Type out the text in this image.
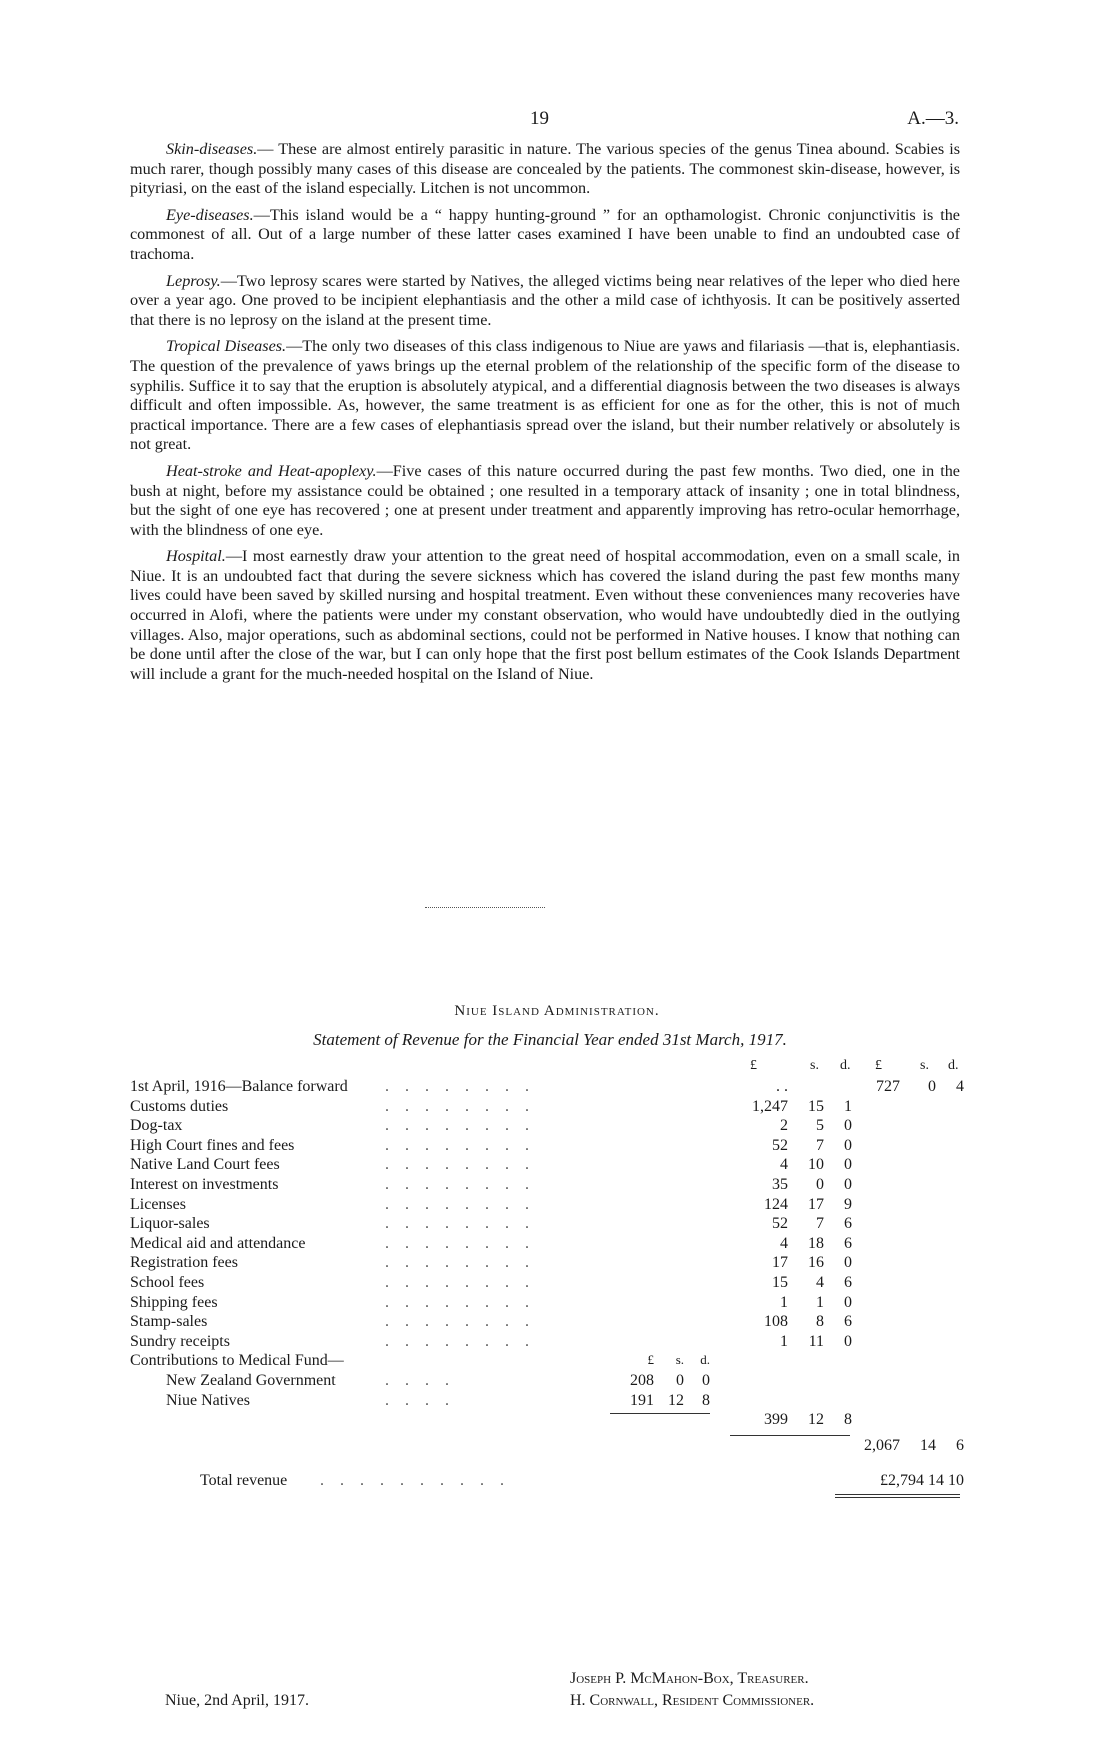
19	A.—3.

Skin-diseases.— These are almost entirely parasitic in nature. The various species of the genus Tinea abound. Scabies is much rarer, though possibly many cases of this disease are concealed by the patients. The commonest skin-disease, however, is pityriasi, on the east of the island especially. Litchen is not uncommon.

Eye-diseases.—This island would be a “ happy hunting-ground ” for an opthamologist. Chronic conjunctivitis is the commonest of all. Out of a large number of these latter cases examined I have been unable to find an undoubted case of trachoma.

Leprosy.—Two leprosy scares were started by Natives, the alleged victims being near relatives of the leper who died here over a year ago. One proved to be incipient elephantiasis and the other a mild case of ichthyosis. It can be positively asserted that there is no leprosy on the island at the present time.

Tropical Diseases.—The only two diseases of this class indigenous to Niue are yaws and filariasis —that is, elephantiasis. The question of the prevalence of yaws brings up the eternal problem of the relationship of the specific form of the disease to syphilis. Suffice it to say that the eruption is absolutely atypical, and a differential diagnosis between the two diseases is always difficult and often impossible. As, however, the same treatment is as efficient for one as for the other, this is not of much practical importance. There are a few cases of elephantiasis spread over the island, but their number relatively or absolutely is not great.

Heat-stroke and Heat-apoplexy.—Five cases of this nature occurred during the past few months. Two died, one in the bush at night, before my assistance could be obtained ; one resulted in a temporary attack of insanity ; one in total blindness, but the sight of one eye has recovered ; one at present under treatment and apparently improving has retro-ocular hemorrhage, with the blindness of one eye.

Hospital.—I most earnestly draw your attention to the great need of hospital accommodation, even on a small scale, in Niue. It is an undoubted fact that during the severe sickness which has covered the island during the past few months many lives could have been saved by skilled nursing and hospital treatment. Even without these conveniences many recoveries have occurred in Alofi, where the patients were under my constant observation, who would have undoubtedly died in the outlying villages. Also, major operations, such as abdominal sections, could not be performed in Native houses. I know that nothing can be done until after the close of the war, but I can only hope that the first post bellum estimates of the Cook Islands Department will include a grant for the much-needed hospital on the Island of Niue.

Niue Island Administration.
Statement of Revenue for the Financial Year ended 31st March, 1917.
£	s. d. £	s. d.
1st April, 1916—Balance forward . . . . . . . .	. .	727	0	4
Customs duties	. . . . . . . .	1,247	15	1
Dog-tax	. . . . . . . .	2	5	0
High Court fines and fees	. . . . . . . .	52	7	0
Native Land Court fees	. . . . . . . .	4	10	0
Interest on investments	. . . . . . . .	35	0	0
Licenses	. . . . . . . .	124	17	9
Liquor-sales	. . . . . . . .	52	7	6
Medical aid and attendance	. . . . . . . .	4	18	6
Registration fees	. . . . . . . .	17	16	0
School fees	. . . . . . . .	15	4	6
Shipping fees	. . . . . . . .	1	1	0
Stamp-sales	. . . . . . . .	108	8	6
Sundry receipts	. . . . . . . .	1	11	0
Contributions to Medical Fund—	£	s.	d.
New Zealand Government	. . . .	208	0	0
Niue Natives	. . . .	191 12	8
399	12	8
2,067	14	6
Total revenue . . . . . . . . . .	£2,794 14 10
Niue, 2nd April, 1917.
Joseph P. McMahon-Box, Treasurer.
H. Cornwall, Resident Commissioner.
